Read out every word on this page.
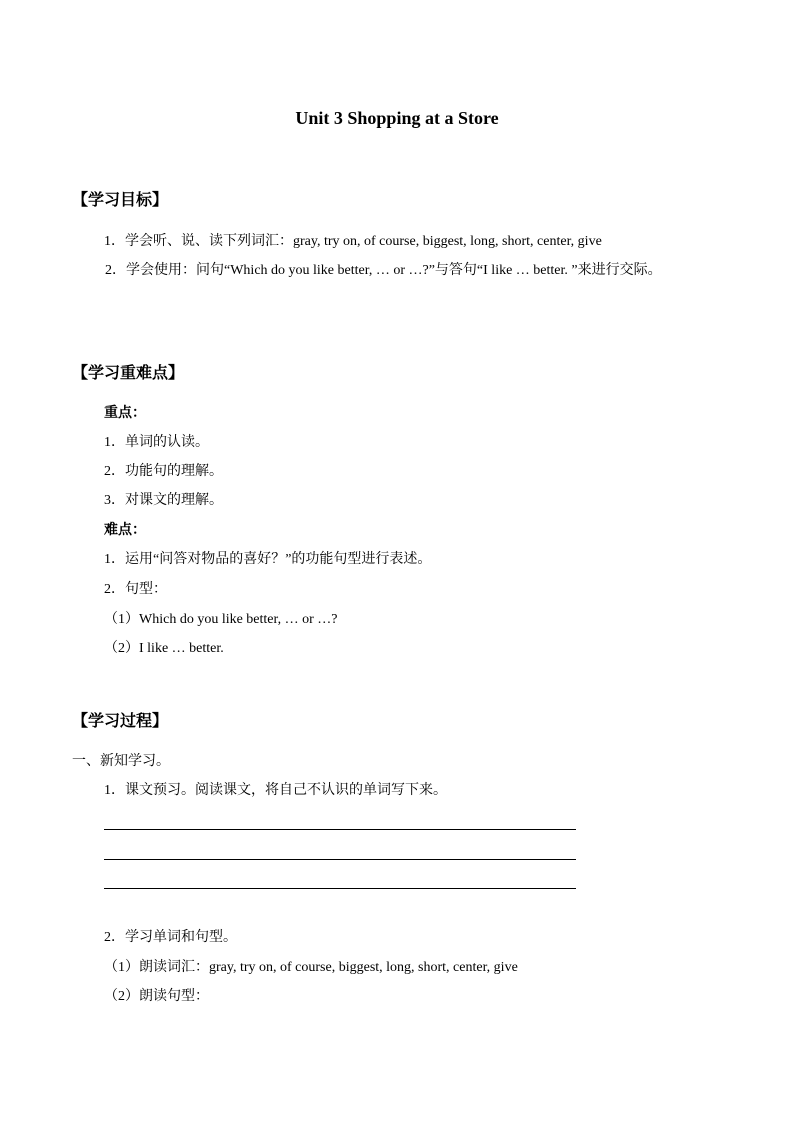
Unit 3 Shopping at a Store
【学习目标】
1．学会听、说、读下列词汇：gray, try on, of course, biggest, long, short, center, give
2．学会使用：问句“Which do you like better, … or …?”与答句“I like … better. ”来进行交际。
【学习重难点】
重点：
1．单词的认读。
2．功能句的理解。
3．对课文的理解。
难点：
1．运用“问答对物品的喜好？”的功能句型进行表述。
2．句型：
（1）Which do you like better, … or …?
（2）I like … better.
【学习过程】
一、新知学习。
1．课文预习。阅读课文，将自己不认识的单词写下来。
2．学习单词和句型。
（1）朗读词汇：gray, try on, of course, biggest, long, short, center, give
（2）朗读句型：
